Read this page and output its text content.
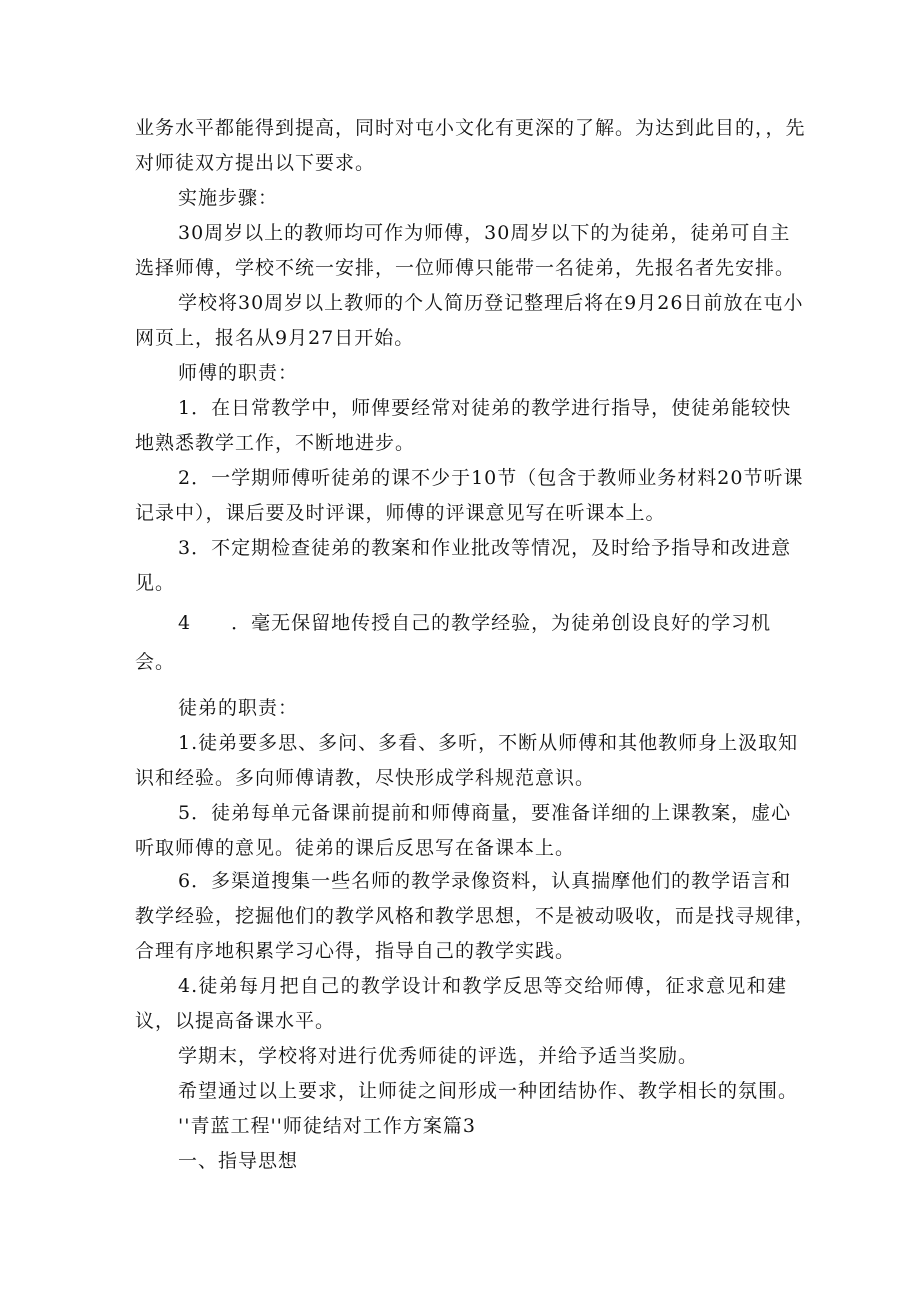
业务水平都能得到提高，同时对屯小文化有更深的了解。为达到此目的，，先
对师徒双方提出以下要求。
实施步骤：
30周岁以上的教师均可作为师傅，30周岁以下的为徒弟，徒弟可自主
选择师傅，学校不统一安排，一位师傅只能带一名徒弟，先报名者先安排。
学校将30周岁以上教师的个人简历登记整理后将在9月26日前放在屯小
网页上，报名从9月27日开始。
师傅的职责：
1．在日常教学中，师俾要经常对徒弟的教学进行指导，使徒弟能较快
地熟悉教学工作，不断地进步。
2．一学期师傅听徒弟的课不少于10节（包含于教师业务材料20节听课
记录中），课后要及时评课，师傅的评课意见写在听课本上。
3．不定期检查徒弟的教案和作业批改等情况，及时给予指导和改进意
见。
4　　．毫无保留地传授自己的教学经验，为徒弟创设良好的学习机
会。
徒弟的职责：
1.徒弟要多思、多问、多看、多听，不断从师傅和其他教师身上汲取知
识和经验。多向师傅请教，尽快形成学科规范意识。
5．徒弟每单元备课前提前和师傅商量，要准备详细的上课教案，虚心
听取师傅的意见。徒弟的课后反思写在备课本上。
6．多渠道搜集一些名师的教学录像资料，认真揣摩他们的教学语言和
教学经验，挖掘他们的教学风格和教学思想，不是被动吸收，而是找寻规律，
合理有序地积累学习心得，指导自己的教学实践。
4.徒弟每月把自己的教学设计和教学反思等交给师傅，征求意见和建
议，以提高备课水平。
学期末，学校将对进行优秀师徒的评选，并给予适当奖励。
希望通过以上要求，让师徒之间形成一种团结协作、教学相长的氛围。
''青蓝工程''师徒结对工作方案篇3
一、指导思想
